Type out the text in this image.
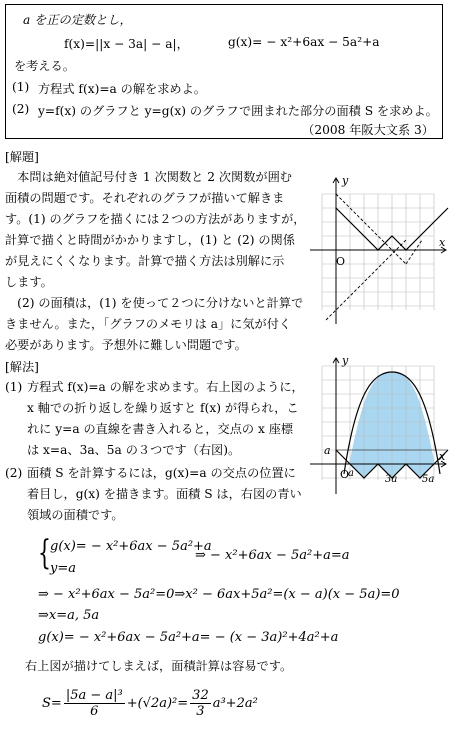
a を正の定数とし，
f(x)=||x − 3a| − a|，	g(x)= − x²+6ax − 5a²+a
を考える。
(1) 方程式 f(x)=a の解を求めよ。
(2) y=f(x) のグラフと y=g(x) のグラフで囲まれた部分の面積 S を求めよ。
（2008 年阪大文系 3）
[解題]
　本問は絶対値記号付き 1 次関数と 2 次関数が囲む
面積の問題です。それぞれのグラフが描いて解きま
す。(1) のグラフを描くには２つの方法がありますが，
計算で描くと時間がかかりますし，(1) と (2) の関係
が見えにくくなります。計算で描く方法は別解に示
します。
　(2) の面積は，(1) を使って２つに分けないと計算で
きません。また，「グラフのメモリは a」に気が付く
必要があります。予想外に難しい問題です。
[解法]
(1) 方程式 f(x)=a の解を求めます。右上図のように，
x 軸での折り返しを繰り返すと f(x) が得られ，こ
れに y=a の直線を書き入れると，交点の x 座標
は x=a、3a、5a の３つです（右図)。
(2) 面積 S を計算するには，g(x)=a の交点の位置に
着目し，g(x) を描きます。面積 S は，右図の青い
領域の面積です。
{ g(x)= − x²+6ax − 5a²+a
y=a
⇒ − x²+6ax − 5a²+a=a
⇒ − x²+6ax − 5a²=0⇒x² − 6ax+5a²=(x − a)(x − 5a)=0
⇒x=a, 5a
g(x)= − x²+6ax − 5a²+a= − (x − 3a)²+4a²+a
右上図が描けてしまえば，面積計算は容易です。
$S= \frac{\text{|5a − a|³}}{6} +(√2a)^2= \frac{32}{3} a^3+2a^2$
O
x
y
O
a
a
3a 5a
x
y
